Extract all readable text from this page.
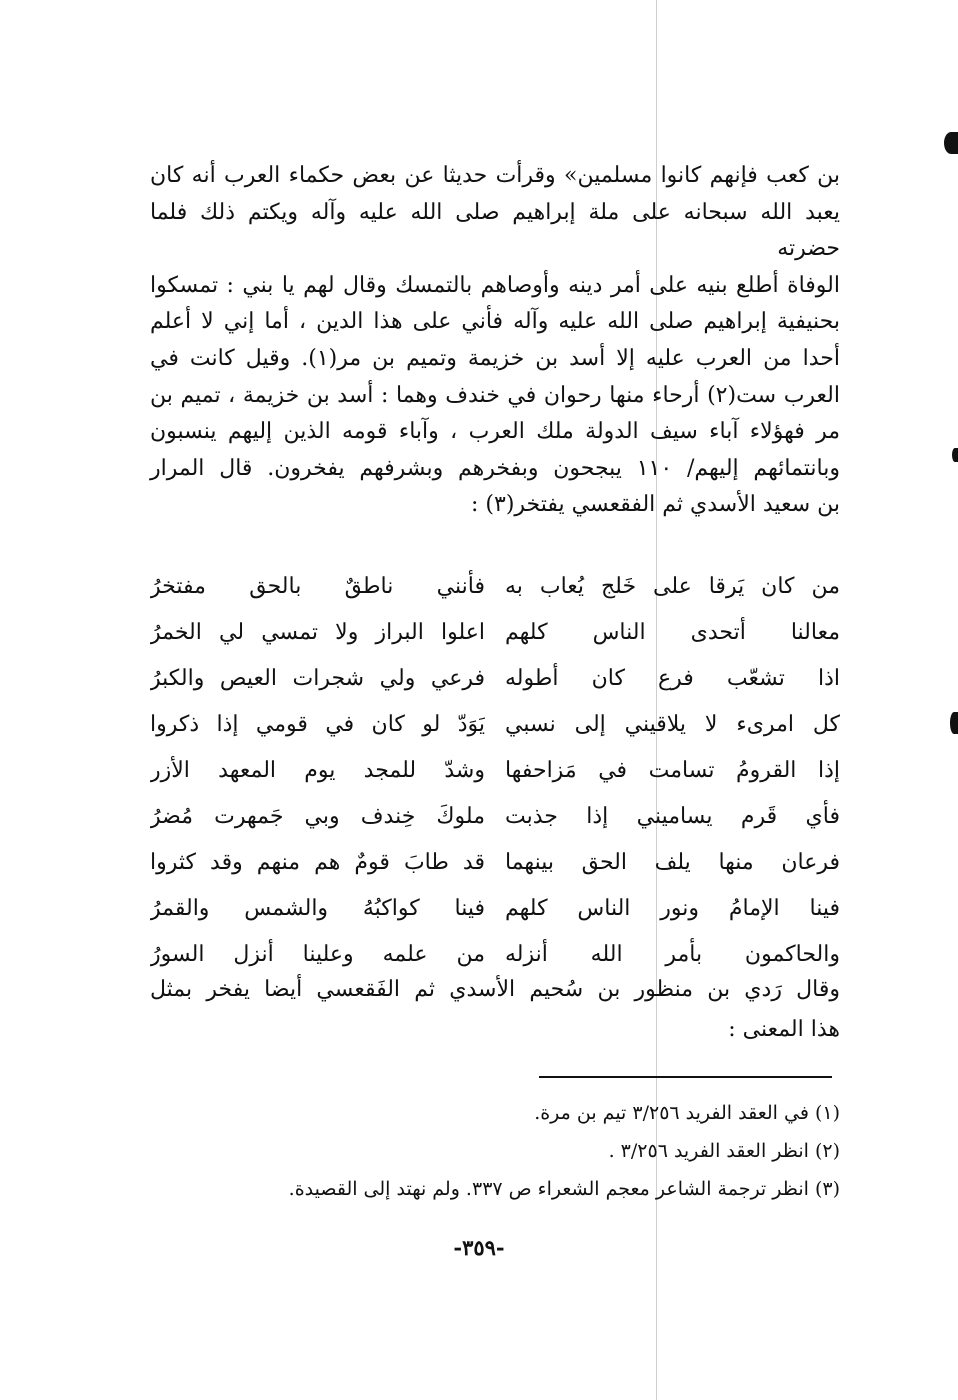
بن كعب فإنهم كانوا مسلمين» وقرأت حديثا عن بعض حكماء العرب أنه كان

يعبد الله سبحانه على ملة إبراهيم صلى الله عليه وآله ويكتم ذلك فلما حضرته

الوفاة أطلع بنيه على أمر دينه وأوصاهم بالتمسك وقال لهم يا بني : تمسكوا

بحنيفية إبراهيم صلى الله عليه وآله فأني على هذا الدين ، أما إني لا أعلم

أحدا من العرب عليه إلا أسد بن خزيمة وتميم بن مر(١). وقيل كانت في

العرب ست(٢) أرحاء منها رحوان في خندف وهما : أسد بن خزيمة ، تميم بن

مر فهؤلاء آباء سيف الدولة ملك العرب ، وآباء قومه الذين إليهم ينسبون

وبانتمائهم إليهم/ ١١٠ يبجحون وبفخرهم وبشرفهم يفخرون. قال المرار

بن سعيد الأسدي ثم الفقعسي يفتخر(٣) :

من كان يَرقا على خَلج يُعاب به
فأنني ناطقٌ بالحق مفتخرُ
معالنا أتحدى الناس كلهم
اعلوا البراز ولا تمسي لي الخمرُ
اذا تشعّب فرع كان أطوله
فرعي ولي شجرات العيص والكبرُ
كل امرىء لا يلاقيني إلى نسبي
يَوَدّ لو كان في قومي إذا ذكروا
إذا القرومُ تسامت في مَزاحفها
وشدّ للمجد يوم المعهد الأزر
فأي قَرم يساميني إذا جذبت
ملوكَ خِندف وبي جَمهرت مُضرُ
فرعان منها يلف الحق بينهما
قد طابَ قومٌ هم منهم وقد كثروا
فينا الإمامُ ونور الناس كلهم
فينا كواكبُهُ والشمس والقمرُ
والحاكمون بأمر الله أنزله
من علمه وعلينا أنزل السورُ

وقال رَدي بن منظور بن سُحيم الأسدي ثم الفَقعسي أيضا يفخر بمثل

هذا المعنى :

(١) في العقد الفريد ٣/٢٥٦ تيم بن مرة.

(٢) انظر العقد الفريد ٣/٢٥٦ .

(٣) انظر ترجمة الشاعر معجم الشعراء ص ٣٣٧. ولم نهتد إلى القصيدة.

-٣٥٩-
